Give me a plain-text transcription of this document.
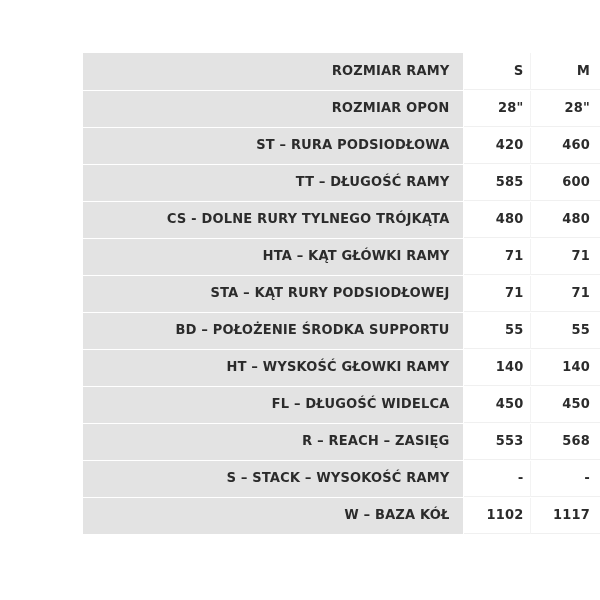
ROZMIAR RAMY	S	M
ROZMIAR OPON	28"	28"
ST – RURA PODSIODŁOWA	420	460
TT – DŁUGOŚĆ RAMY	585	600
CS - DOLNE RURY TYLNEGO TRÓJKĄTA	480	480
HTA – KĄT GŁÓWKI RAMY	71	71
STA – KĄT RURY PODSIODŁOWEJ	71	71
BD – POŁOŻENIE ŚRODKA SUPPORTU	55	55
HT – WYSKOŚĆ GŁOWKI RAMY	140	140
FL – DŁUGOŚĆ WIDELCA	450	450
R – REACH – ZASIĘG	553	568
S – STACK – WYSOKOŚĆ RAMY	-	-
W – BAZA KÓŁ	1102	1117
